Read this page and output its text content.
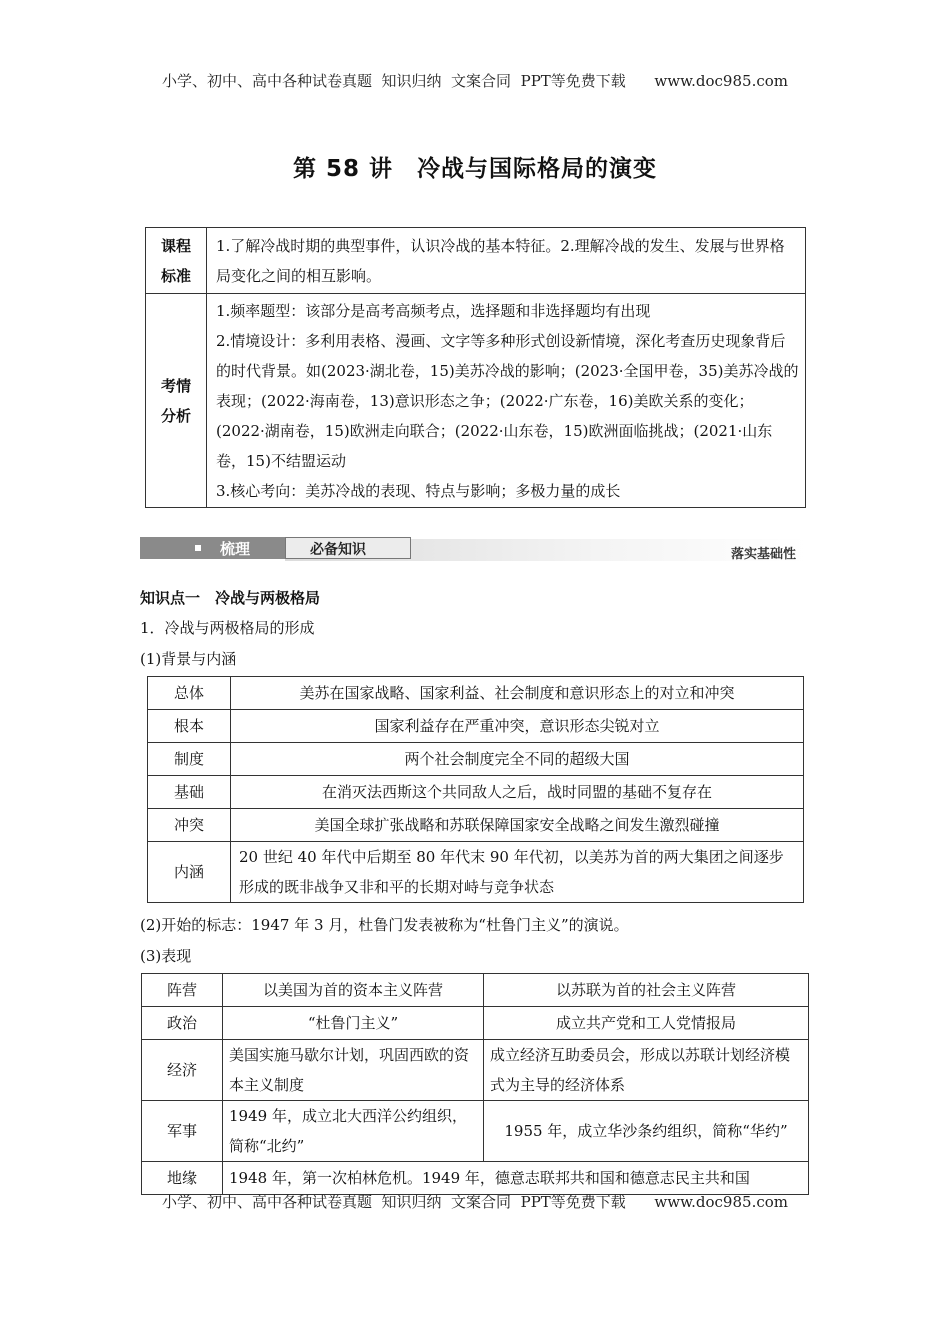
小学、初中、高中各种试卷真题  知识归纳  文案合同  PPT等免费下载      www.doc985.com
第 58 讲　冷战与国际格局的演变
课程
标准	1.了解冷战时期的典型事件，认识冷战的基本特征。2.理解冷战的发生、发展与世界格局变化之间的相互影响。
考情
分析	1.频率题型：该部分是高考高频考点，选择题和非选择题均有出现
2.情境设计：多利用表格、漫画、文字等多种形式创设新情境，深化考查历史现象背后的时代背景。如(2023·湖北卷，15)美苏冷战的影响；(2023·全国甲卷，35)美苏冷战的表现；(2022·海南卷，13)意识形态之争；(2022·广东卷，16)美欧关系的变化；(2022·湖南卷，15)欧洲走向联合；(2022·山东卷，15)欧洲面临挑战；(2021·山东卷，15)不结盟运动
3.核心考向：美苏冷战的表现、特点与影响；多极力量的成长
梳理	必备知识	落实基础性
知识点一　冷战与两极格局
1．冷战与两极格局的形成
(1)背景与内涵
总体	美苏在国家战略、国家利益、社会制度和意识形态上的对立和冲突
根本	国家利益存在严重冲突，意识形态尖锐对立
制度	两个社会制度完全不同的超级大国
基础	在消灭法西斯这个共同敌人之后，战时同盟的基础不复存在
冲突	美国全球扩张战略和苏联保障国家安全战略之间发生激烈碰撞
内涵	20 世纪 40 年代中后期至 80 年代末 90 年代初，以美苏为首的两大集团之间逐步形成的既非战争又非和平的长期对峙与竞争状态
(2)开始的标志：1947 年 3 月，杜鲁门发表被称为“杜鲁门主义”的演说。
(3)表现
阵营	以美国为首的资本主义阵营	以苏联为首的社会主义阵营
政治	“杜鲁门主义”	成立共产党和工人党情报局
经济	美国实施马歇尔计划，巩固西欧的资本主义制度	成立经济互助委员会，形成以苏联计划经济模式为主导的经济体系
军事	1949 年，成立北大西洋公约组织，简称“北约”	1955 年，成立华沙条约组织，简称“华约”
地缘	1948 年，第一次柏林危机。1949 年，德意志联邦共和国和德意志民主共和国	
小学、初中、高中各种试卷真题  知识归纳  文案合同  PPT等免费下载      www.doc985.com
